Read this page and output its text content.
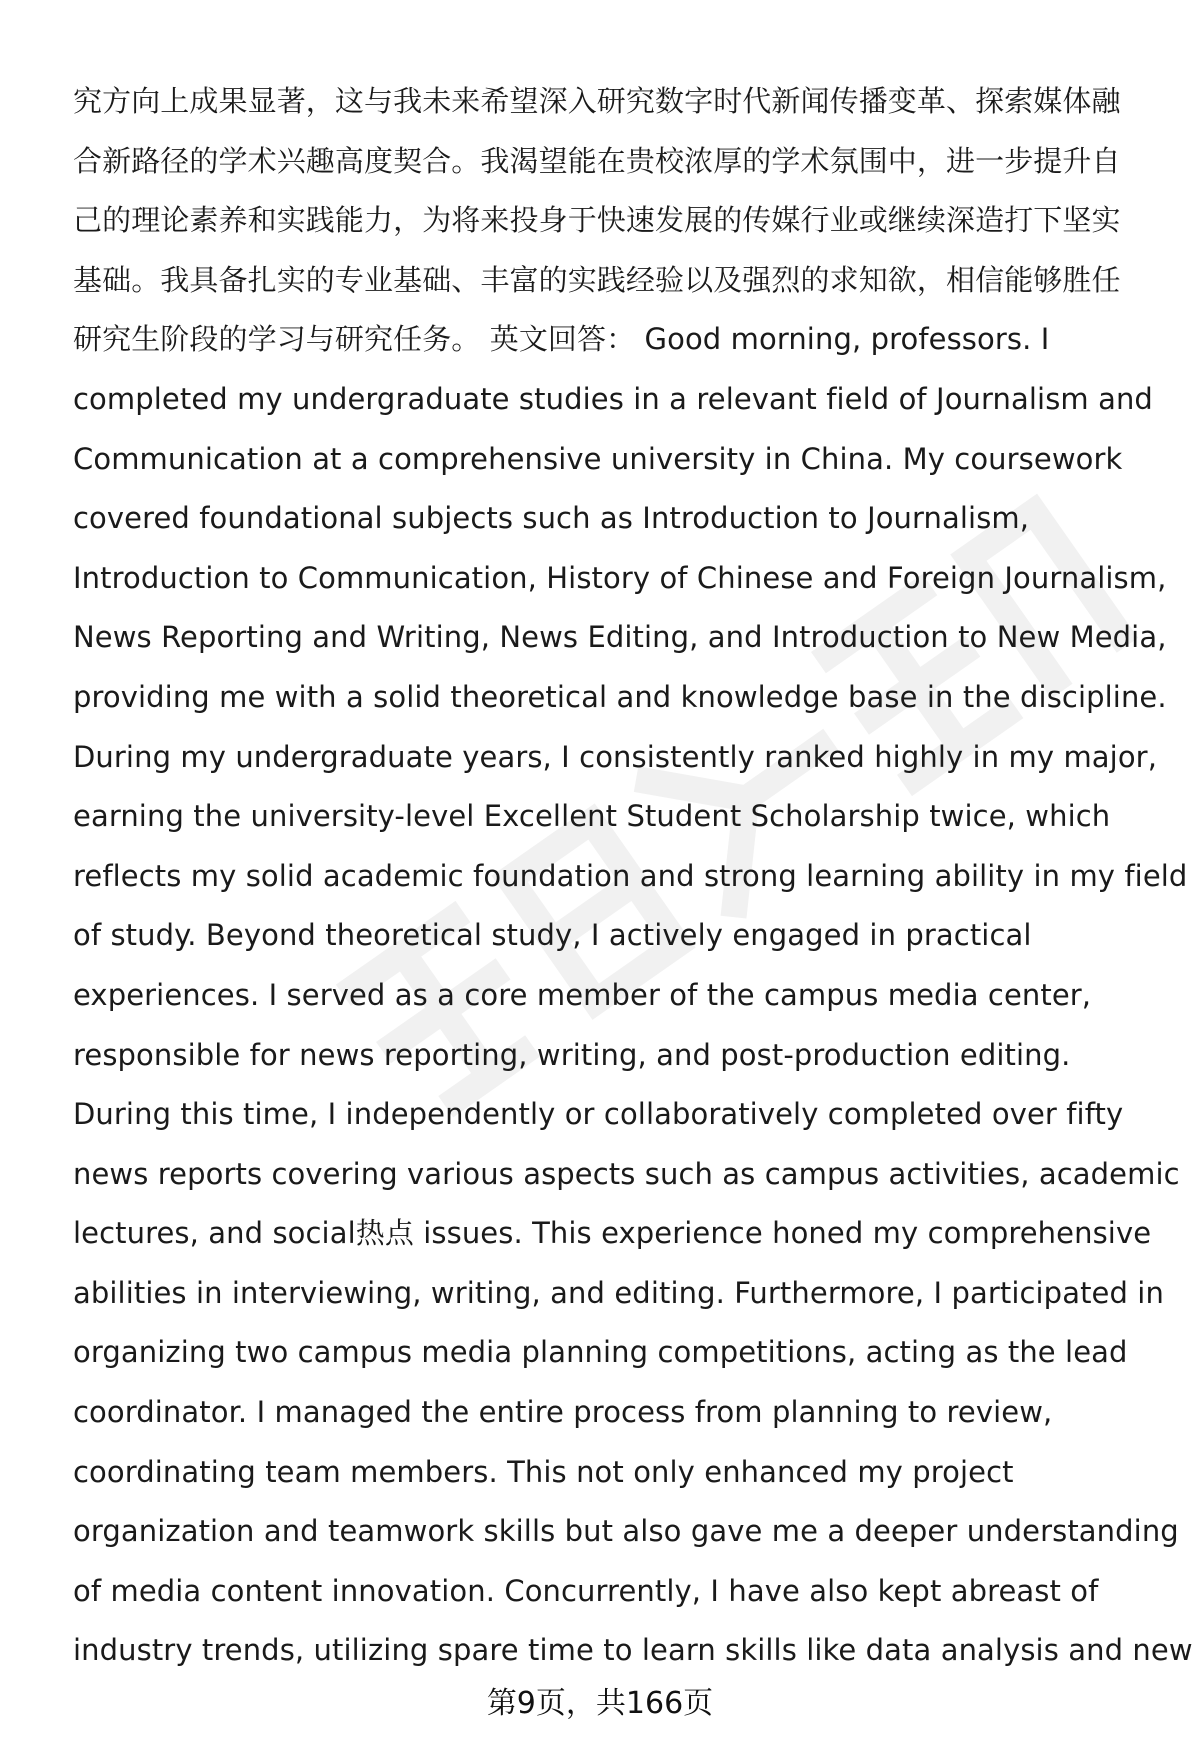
究方向上成果显著，这与我未来希望深入研究数字时代新闻传播变革、探索媒体融
合新路径的学术兴趣高度契合。我渴望能在贵校浓厚的学术氛围中，进一步提升自
己的理论素养和实践能力，为将来投身于快速发展的传媒行业或继续深造打下坚实
基础。我具备扎实的专业基础、丰富的实践经验以及强烈的求知欲，相信能够胜任
研究生阶段的学习与研究任务。 英文回答： Good morning, professors. I
completed my undergraduate studies in a relevant field of Journalism and
Communication at a comprehensive university in China. My coursework
covered foundational subjects such as Introduction to Journalism,
Introduction to Communication, History of Chinese and Foreign Journalism,
News Reporting and Writing, News Editing, and Introduction to New Media,
providing me with a solid theoretical and knowledge base in the discipline.
During my undergraduate years, I consistently ranked highly in my major,
earning the university-level Excellent Student Scholarship twice, which
reflects my solid academic foundation and strong learning ability in my field
of study. Beyond theoretical study, I actively engaged in practical
experiences. I served as a core member of the campus media center,
responsible for news reporting, writing, and post-production editing.
During this time, I independently or collaboratively completed over fifty
news reports covering various aspects such as campus activities, academic
lectures, and social热点 issues. This experience honed my comprehensive
abilities in interviewing, writing, and editing. Furthermore, I participated in
organizing two campus media planning competitions, acting as the lead
coordinator. I managed the entire process from planning to review,
coordinating team members. This not only enhanced my project
organization and teamwork skills but also gave me a deeper understanding
of media content innovation. Concurrently, I have also kept abreast of
industry trends, utilizing spare time to learn skills like data analysis and new
第9页，共166页
